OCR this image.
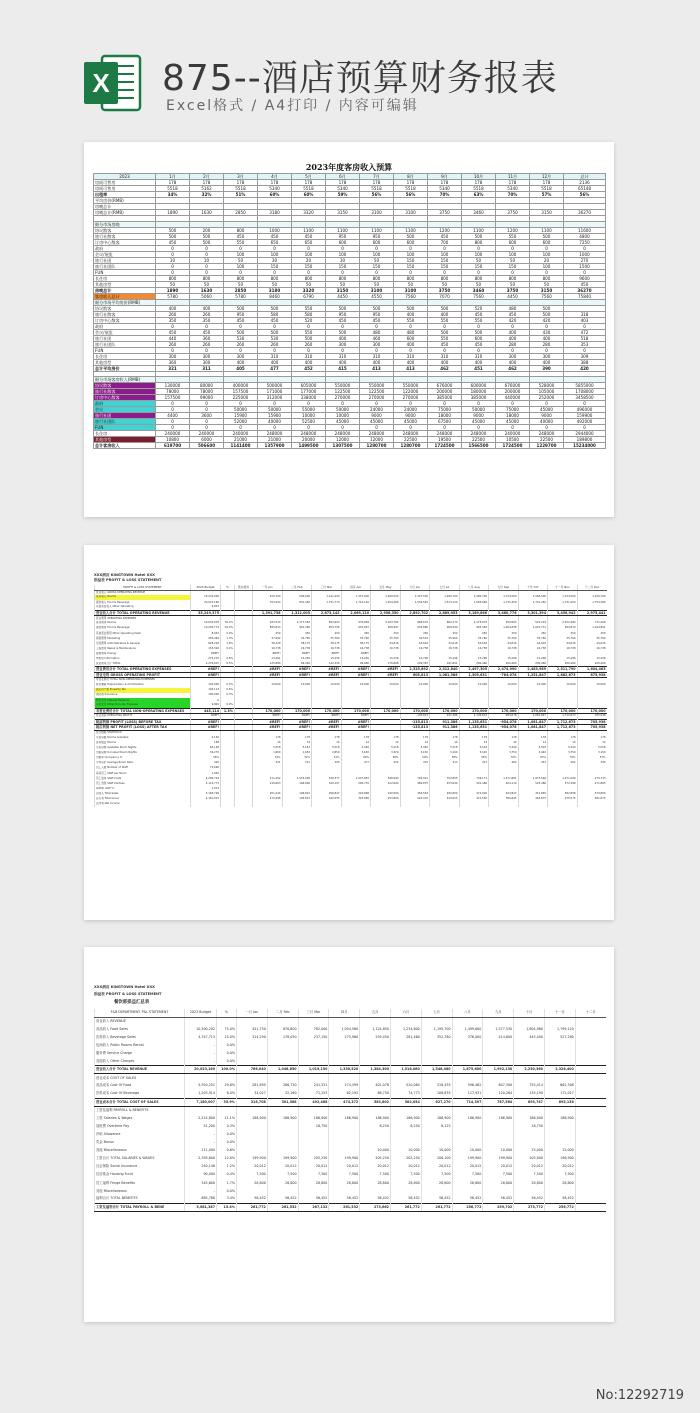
X 875--酒店预算财务报表
Excel格式 / A4打印 / 内容可编辑
2023年度客房收入预算
2023	1月	2月	3月	4月	5月	6月	7月	8月	9月	10月	11月	12月	总计
房间可售房	178	178	178	178	178	178	178	178	178	178	178	178	2136
房间可售房	5518	5162	5518	5340	5518	5340	5518	5518	5340	5518	5340	5518	65148
出租率	34%	32%	51%	60%	60%	59%	56%	56%	70%	63%	70%	57%	56%
平均房价(RMB)													
房晚总计													
房晚总计(RMB)	1890	1630	2850	3180	3320	3150	3100	3100	3750	3460	3750	3150	36270

细分市场房晚													
协议散客	500	200	800	1000	1100	1100	1100	1100	1200	1100	1200	1100	11600
旅行社散客	500	500	450	450	450	950	950	500	450	500	550	500	4800
订房中心散客	450	500	550	650	650	600	600	600	700	800	600	600	7250
政府	0	0	0	0	0	0	0	0	0	0	0	0	0
会议/展览	0	0	100	100	100	100	100	100	100	100	100	100	1000
旅行社团	10	10	50	30	20	30	50	150	150	50	50	20	270
旅行社团队	0	0	100	150	150	150	150	150	150	150	150	100	1500
FUN	0	0	0	0	0	0	0	0	0	0	0	0	0
长住房	800	800	800	800	800	800	800	800	800	800	800	800	9600
其他房型	50	50	50	50	50	50	50	50	50	50	50	50	450
房晚总计	1890	1630	2850	3180	3320	3150	3100	3100	3750	3460	3750	3150	36270
客房收入总计	5780	5060	5780	8460	6790	4450	4550	7560	7070	7560	4450	7560	75840
细分市场平均房价(RMB)													
协议散客	400	400	500	500	550	500	500	500	500	520	480	500	
旅行社散客	260	260	950	580	580	950	950	400	400	450	450	500	318
订房中心散客	350	350	450	450	520	450	450	550	550	550	420	420	403
政府	0	0	0	0	0	0	0	0	0	0	0	0	0
会议/展览	450	450	500	500	550	500	480	480	500	500	400	430	472
旅行社团	440	360	530	530	500	400	460	600	550	600	400	400	518
旅行社团队	260	260	260	260	260	300	300	400	450	450	280	280	353
FUN	0	0	0	0	0	0	0	0	0	0	0	0	0
长住房	300	300	300	310	310	310	310	310	310	310	300	300	309
其他房型	360	300	400	400	400	400	400	400	400	400	400	400	388
总计平均房价	321	311	405	477	452	415	413	413	462	451	462	390	420

细分市场客房收入(RMB)													
协议散客	130000	80000	400000	500000	605000	550000	550000	550000	676000	600000	676000	528000	5855000
旅行社散客	78000	78000	157500	171000	177000	122500	122500	122000	200000	180000	200000	105000	1708000
订房中心散客	157500	99000	225000	312000	338000	270000	270000	270000	385000	385000	440000	252000	3458500
政府	0	0	0	0	0	0	0	0	0	0	0	0	0
会议	0	0	50000	50000	55000	50000	24000	24000	75000	50000	75000	45000	496000
旅行社团	4400	3600	15900	15900	10000	10000	9000	9000	18000	9000	18000	9000	159900
旅行社团队	0	0	52000	40000	52500	45000	45000	45000	67500	45000	45000	40000	492000
FUN	0	0	0	0	0	0	0	0	0	0	0	0	0
长住房	240000	240000	240000	248000	248000	248000	248000	248000	248000	248000	240000	248000	2944000
其他房型	10800	6000	21000	21000	20000	12000	12000	22500	19500	22500	10500	22500	189800
总计客房收入	619700	506600	1141400	1357900	1499500	1307500	1280700	1280700	1724500	1566500	1724500	1229700	15234000
XXX酒店 KINGTOWN Hotel XXX
损益表 PROFIT & LOSS STATEMENT
PROFIT & LOSS STATEMENT	2023 Budget	%	预实差异	一月 Jan	二月 Feb	三月 Mar	四月 Apr	五月 May	六月 Jun	七月 Jul	八月 Aug	九月 Sep	十月 Oct	十一月 Nov	十二月 Dec
营业收入 GROSS OPERATING REVENUE															
客房收入 Rooms	15,234,000			619,700	506,600	1,141,400	1,357,900	1,499,500	1,307,500	1,280,700	1,280,700	1,724,500	1,566,500	1,724,500	1,229,700
餐饮收入 Food & Beverage	20,023,160			763,450	801,450	1,731,770	1,710,140	1,454,260	1,539,540	1,513,120	1,565,660	1,731,450	1,721,450	1,731,450	1,754,380
其他营业收入 Other Operating	9,053														
营业收入合计 TOTAL OPERATING REVENUE	35,249,375			1,391,738	1,312,005	2,873,142	2,069,110	2,958,350	2,892,702	2,889,953	3,189,866	3,460,776	3,301,394	3,456,942	2,975,441
营业费用 OPERATING EXPENSES															
客房费用 Rooms	10,632,978	30.2%		933,520	2,177,563	893,603	976,869	2,203,764	868,679	862,270	2,178,976	959,605	523,293	2,352,480	721,409
餐饮费用 Food & Beverage	10,205,774	29.0%		895,813	961,366	954,756	901,867	958,997	932,880	908,299	965,384	1,004,838	1,025,731	944,870	1,164,801
其他营业费用 Other Operating Dept	8,032	0.0%		450	450	450	450	450	450	450	450	450	450	450	450
销售费用 Marketing	459,464	1.3%		37,992	35,760	35,760	35,760	35,760	39,534	45,960	35,760	35,760	35,760	35,760	35,760
行政费用 Administrative & General	628,294	1.8%		38,329	38,175	38,175	38,175	44,616	44,616	34,616	44,616	44,616	44,616	44,616	44,616
工程费用 Repair & Maintenance	153,326	0.4%		16,738	16,738	16,738	16,738	16,738	16,738	16,738	16,738	16,738	16,738	16,738	16,738
能源费用 Energy	#REF!			#REF!	#REF!	#REF!	#REF!								
IT费用 Information	275,270	0.8%		13,461	15,256	15,256	15,256	15,256	16,796	15,296	15,296	15,296	15,296	15,296	15,296
营业费用合计 TOTAL	2,276,607	6.5%		125,880	96,346	142,329	99,680	176,668	209,387	181,821	200,460	200,460	200,460	200,460	200,460
营业费用合计 TOTAL OPERATING EXPENSES	#REF!			#REF!	#REF!	#REF!	#REF!	#REF!	2,325,892	2,312,840	2,497,305	2,474,990	2,483,989	2,511,790	1,604,465
营业毛利 GROSS OPERATING PROFIT	#REF!			#REF!	#REF!	#REF!	#REF!	#REF!	605,813	1,081,386	1,305,631	-784,078	1,251,847	1,882,673	875,938
非营业费用 TOTAL NON-OPERATING EXPENSES															
折旧摊销 Depreciation & Amortization	120,000	0.3%		10,000	10,000	10,000	10,000	10,000	10,000	10,000	10,000	10,000	10,000	10,000	10,000
固定资产税 Property Tax	194,113	0.6%													
保险费 Insurance	100,000	0.3%													
利息支出 Interest Expense	0														
其他支出 Other Non-Op. Expense	9,000	0.0%													
非营业费用合计 TOTAL NON-OPERATING EXPENSES	445,114	1.3%		170,000	170,000	170,000	170,000	170,000	170,000	170,000	170,000	170,000	170,000	170,000	170,000
营业利润 OPERATING PROFIT	#REF!			#REF!	#REF!	#REF!	#REF!		-135,813	911,386	1,135,631	-954,078	1,081,847	1,712,673	705,938
税前利润 PROFIT (LOSS) BEFORE TAX	#REF!			#REF!	#REF!	#REF!	#REF!		-135,813	911,386	1,135,631	-954,078	1,081,847	1,712,673	705,938
税后利润 NET PROFIT (LOSS) AFTER TAX	#REF!			#REF!	#REF!	#REF!	#REF!		-135,813	911,386	1,135,631	-954,078	1,081,847	1,712,673	705,938
统计数据 STATISTICS															
可售房数 Rooms Available	2,136			178	178	178	178	178	178	178	178	178	178	178	178
客房数量 Rooms	168			14	14	14	14	14	14	14	14	14	14	14	14
可售房晚 Available Room Nights	65,148			5,518	5,162	5,518	5,340	5,518	5,340	5,518	5,518	5,340	5,518	5,340	5,518
出租房晚 Occupied Room Nights	36,270			1,890	1,630	2,850	3,180	3,320	3,150	3,100	3,100	3,750	3,460	3,750	3,150
出租率 Occupancy %	56%			34%	32%	51%	60%	60%	59%	56%	56%	70%	63%	70%	57%
平均房价 Average Room Rate	420			321	311	405	477	452	415	413	413	462	451	462	390
员工人数 Number of Staff	75,690														
每房员工 Staff per Room	1,050														
员工成本 Staff Costs	4,206,729			271,452	1,534,000	336,377	1,047,987	598,990	794,021	702,855	736,171	1,571,881	1,973,590	1,971,090	279,733
员工食堂 Staff Canteen	5,114,773			210,663	196,800	320,107	290,735	422,600	489,875	453,640	501,466	404,110	525,486	572,398	471,865
GOP率 GOP %	1,074														
总收入 Total Sales	5,168,799			201,444	196,801	296,847	220,868	240,560	356,563	480,800	472,000	403,847	451,865	582,858	579,800
总毛利 Total Gross	4,181,915			272,496	195,831	340,555	325,985	253,800	244,310	429,055	421,550	380,845	464,875	470,575	481,875
总净利 Net Income															
XXX酒店 KINGTOWN Hotel XXX
损益表 PROFIT & LOSS STATEMENT
餐饮部损益汇总表
F&B DEPARTMENT P&L STATEMENT	2023 Budget	%	一月 Jan	二月 Feb	三月 Mar	四月	五月	六月	七月	八月	九月	十月	十一月	十二月
营业收入 REVENUE														
食品收入 Food Sales	10,500,202	75.0%	451,750	870,800	782,000	1,054,560	1,124,850	1,234,600	1,195,700	1,499,600	1,577,530	1,804,960	1,799,120	
饮料收入 Beverage Sales	4,747,713	25.0%	314,290	178,050	237,150	275,960	259,450	281,460	352,780	376,000	414,600	445,400	527,280	
包间收入 Public Rooms Rental	-	0.0%												
服务费 Service Charge	-	0.0%												
其他收入 Other Charges	-	0.0%												
营业收入合计 TOTAL REVENUE	20,023,160	100.0%	766,040	1,048,850	1,019,150	1,330,520	1,384,300	1,516,060	1,548,480	1,875,600	1,992,130	2,250,360	2,326,400	
营业成本 COST OF SALES														
食品成本 Cost Of Food	5,920,251	29.6%	281,895	266,730	241,321	274,399	401,078	520,084	518,435	596,462	647,300	755,414	662,308	
饮料成本 Cost Of Beverage	1,203,914	6.0%	34,027	32,160	71,253	62,192	66,750	74,773	108,835	117,931	120,264	135,190	172,017	
营业成本合计 TOTAL COST OF SALES	7,180,007	35.9%	316,708	301,588	492,468	474,372	583,802	582,054	627,270	714,397	767,564	893,747	895,138	
工资及福利 PAYROLL & BENEFITS														
工资 Salaries & Wages	2,224,800	11.1%	188,900	186,900	186,900	186,900	186,900	186,900	186,900	186,900	186,900	186,900	186,900	
加班费 Overtime Pay	51,200	0.3%			18,750		6,250	6,250	8,125			18,750		
补贴 Allowance	-	0.0%												
奖金 Bonus	-	0.0%												
其他 Miscellaneous	111,000	0.6%					10,000	10,000	10,000	10,000	10,000	15,000	15,000	
工资合计 TOTAL SALARIES & WAGES	2,395,600	12.0%	199,900	199,900	205,250	199,900	205,250	205,250	206,100	199,900	199,900	205,900	196,900	
社会保险 Social Insurance	240,148	1.2%	20,012	20,012	20,012	20,012	20,012	20,012	20,012	20,012	20,012	20,012	20,012	
住房基金 Housing Fund	90,000	0.4%	7,500	7,500	7,500	7,500	7,500	7,500	7,500	7,500	7,500	7,500	7,500	
员工福利 Fringe Benefits	345,600	1.7%	28,800	28,800	28,800	28,800	28,800	28,800	28,800	28,800	28,800	28,800	28,800	
其他 Miscellaneous	-	0.0%												
福利合计 TOTAL BENEFITS	685,788	3.4%	56,452	56,452	56,452	56,452	56,452	56,452	56,452	56,452	56,452	56,452	56,452	
工资及福利合计 TOTAL PAYROLL & BENE	3,081,387	15.4%	261,772	261,532	267,132	261,532	273,662	261,772	261,772	256,772	259,702	273,772	256,772	
No:12292719
